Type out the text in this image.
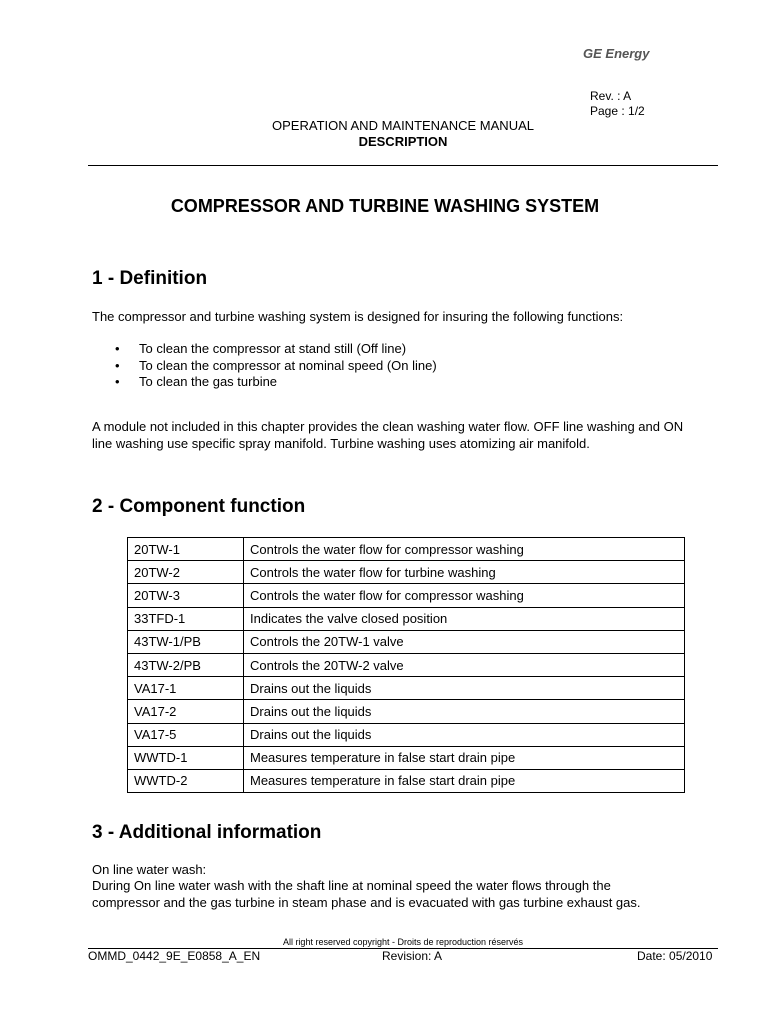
GE Energy
Rev. : A
Page : 1/2
OPERATION AND MAINTENANCE MANUAL
DESCRIPTION
COMPRESSOR AND TURBINE WASHING SYSTEM
1 - Definition
The compressor and turbine washing system is designed for insuring the following functions:
• To clean the compressor at stand still (Off line)
• To clean the compressor at nominal speed (On line)
• To clean the gas turbine
A module not included in this chapter provides the clean washing water flow. OFF line washing and ON line washing use specific spray manifold. Turbine washing uses atomizing air manifold.
2 - Component function
20TW-1	Controls the water flow for compressor washing
20TW-2	Controls the water flow for turbine washing
20TW-3	Controls the water flow for compressor washing
33TFD-1	Indicates the valve closed position
43TW-1/PB	Controls the 20TW-1 valve
43TW-2/PB	Controls the 20TW-2 valve
VA17-1	Drains out the liquids
VA17-2	Drains out the liquids
VA17-5	Drains out the liquids
WWTD-1	Measures temperature in false start drain pipe
WWTD-2	Measures temperature in false start drain pipe
3 - Additional information
On line water wash:
During On line water wash with the shaft line at nominal speed the water flows through the compressor and the gas turbine in steam phase and is evacuated with gas turbine exhaust gas.
All right reserved copyright - Droits de reproduction réservés
OMMD_0442_9E_E0858_A_EN	Revision: A	Date: 05/2010
